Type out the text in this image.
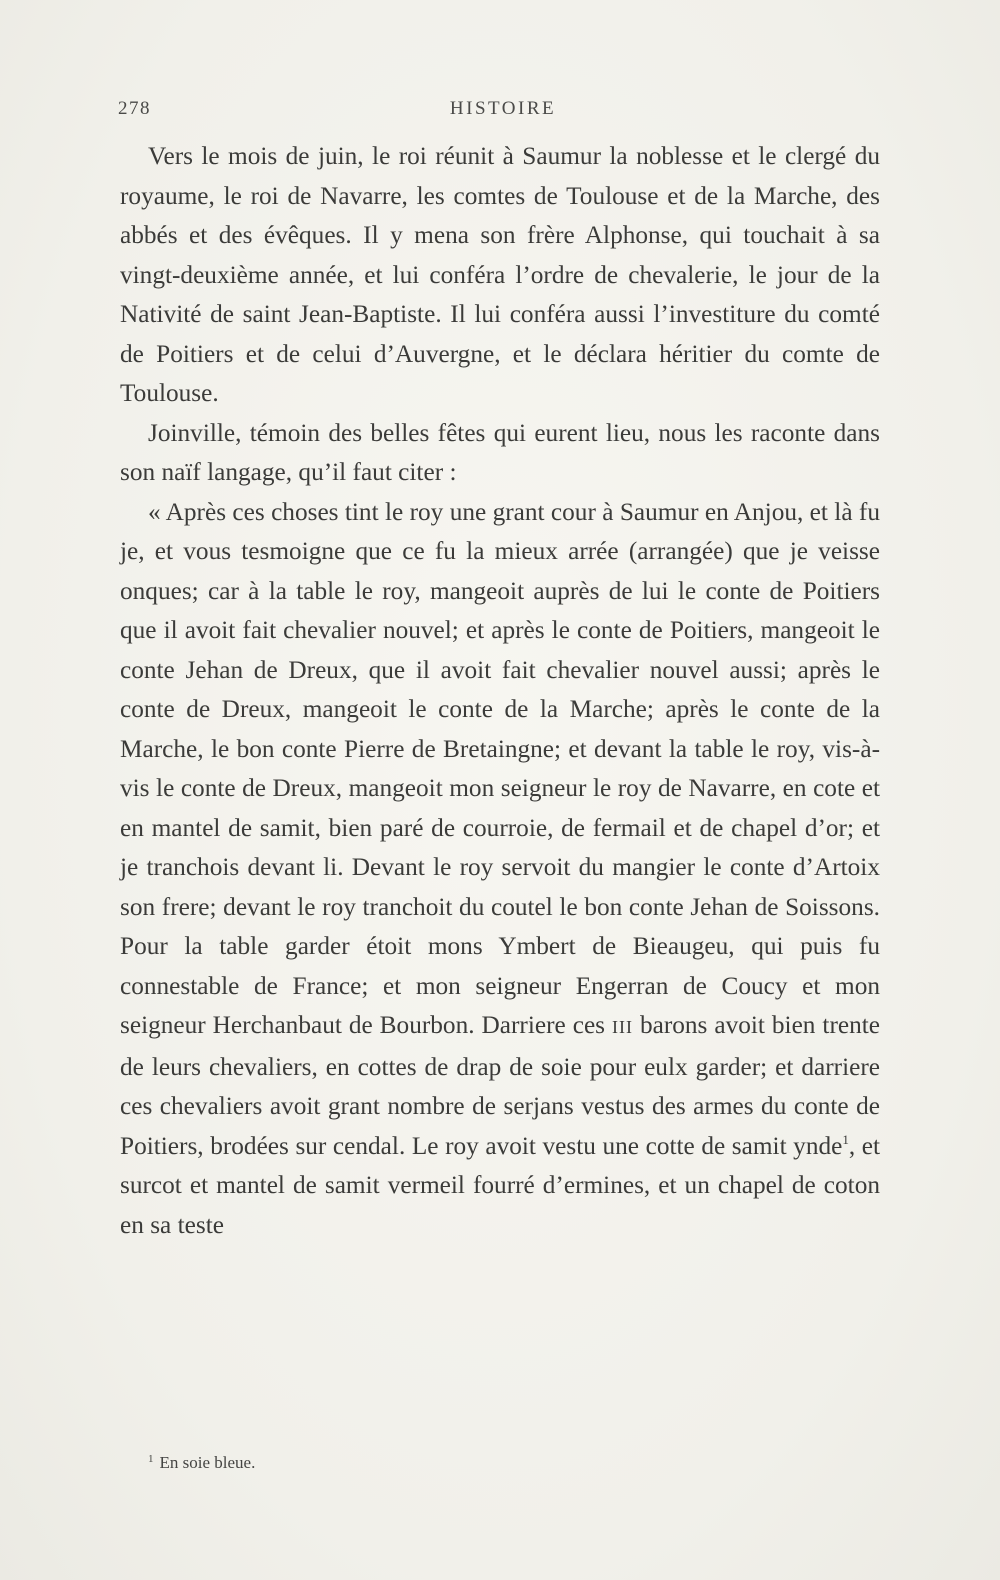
278	HISTOIRE

Vers le mois de juin, le roi réunit à Saumur la noblesse et le clergé du royaume, le roi de Navarre, les comtes de Toulouse et de la Marche, des abbés et des évêques. Il y mena son frère Alphonse, qui touchait à sa vingt-deuxième année, et lui conféra l’ordre de chevalerie, le jour de la Nativité de saint Jean-Baptiste. Il lui conféra aussi l’investiture du comté de Poitiers et de celui d’Auvergne, et le déclara héritier du comte de Toulouse.

Joinville, témoin des belles fêtes qui eurent lieu, nous les raconte dans son naïf langage, qu’il faut citer :

« Après ces choses tint le roy une grant cour à Saumur en Anjou, et là fu je, et vous tesmoigne que ce fu la mieux arrée (arrangée) que je veisse onques; car à la table le roy, mangeoit auprès de lui le conte de Poitiers que il avoit fait chevalier nouvel; et après le conte de Poitiers, mangeoit le conte Jehan de Dreux, que il avoit fait chevalier nouvel aussi; après le conte de Dreux, mangeoit le conte de la Marche; après le conte de la Marche, le bon conte Pierre de Bretaingne; et devant la table le roy, vis-à-vis le conte de Dreux, mangeoit mon seigneur le roy de Navarre, en cote et en mantel de samit, bien paré de courroie, de fermail et de chapel d’or; et je tranchois devant li. Devant le roy servoit du mangier le conte d’Artoix son frere; devant le roy tranchoit du coutel le bon conte Jehan de Soissons. Pour la table garder étoit mons Ymbert de Bieaugeu, qui puis fu connestable de France; et mon seigneur Engerran de Coucy et mon seigneur Herchanbaut de Bourbon. Darriere ces III barons avoit bien trente de leurs chevaliers, en cottes de drap de soie pour eulx garder; et darriere ces chevaliers avoit grant nombre de serjans vestus des armes du conte de Poitiers, brodées sur cendal. Le roy avoit vestu une cotte de samit ynde$^1$, et surcot et mantel de samit vermeil fourré d’ermines, et un chapel de coton en sa teste

$^1$ En soie bleue.
